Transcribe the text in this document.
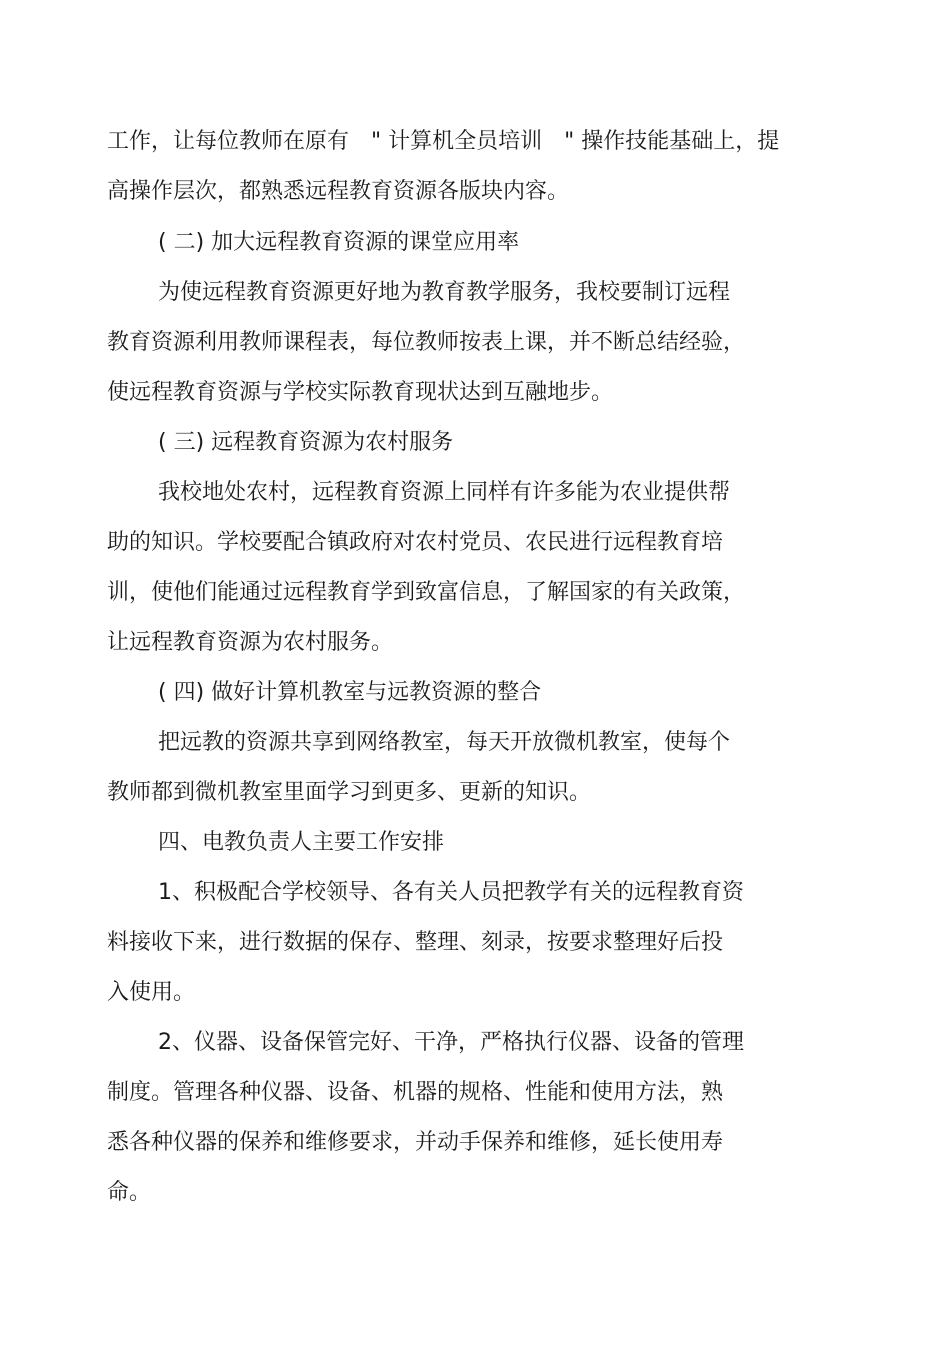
工作，让每位教师在原有　" 计算机全员培训　" 操作技能基础上，提
高操作层次，都熟悉远程教育资源各版块内容。
( 二) 加大远程教育资源的课堂应用率
为使远程教育资源更好地为教育教学服务，我校要制订远程
教育资源利用教师课程表，每位教师按表上课，并不断总结经验，
使远程教育资源与学校实际教育现状达到互融地步。
( 三) 远程教育资源为农村服务
我校地处农村，远程教育资源上同样有许多能为农业提供帮
助的知识。学校要配合镇政府对农村党员、农民进行远程教育培
训，使他们能通过远程教育学到致富信息，了解国家的有关政策，
让远程教育资源为农村服务。
( 四) 做好计算机教室与远教资源的整合
把远教的资源共享到网络教室，每天开放微机教室，使每个
教师都到微机教室里面学习到更多、更新的知识。
四、电教负责人主要工作安排
1、积极配合学校领导、各有关人员把教学有关的远程教育资
料接收下来，进行数据的保存、整理、刻录，按要求整理好后投
入使用。
2、仪器、设备保管完好、干净，严格执行仪器、设备的管理
制度。管理各种仪器、设备、机器的规格、性能和使用方法，熟
悉各种仪器的保养和维修要求，并动手保养和维修，延长使用寿
命。
